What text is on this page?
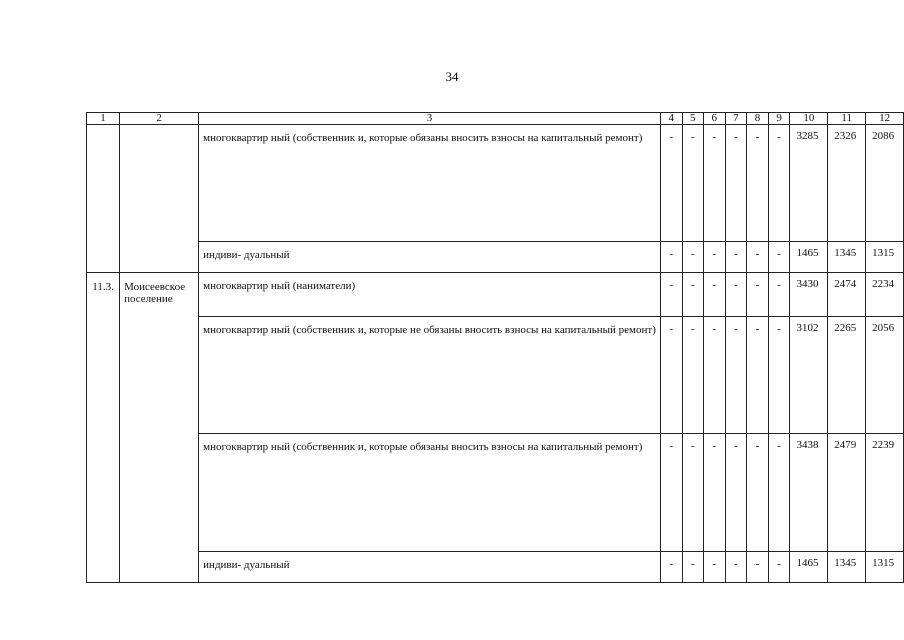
34
1	2	3	4	5	6	7	8	9	10	11	12
		многоквартир ный (собственник и, которые обязаны вносить взносы на капитальный ремонт)	-	-	-	-	-	-	3285	2326	2086
		индиви- дуальный	-	-	-	-	-	-	1465	1345	1315
11.3.	Моисеевское поселение	многоквартир ный (наниматели)	-	-	-	-	-	-	3430	2474	2234
		многоквартир ный (собственник и, которые не обязаны вносить взносы на капитальный ремонт)	-	-	-	-	-	-	3102	2265	2056
		многоквартир ный (собственник и, которые обязаны вносить взносы на капитальный ремонт)	-	-	-	-	-	-	3438	2479	2239
		индиви- дуальный	-	-	-	-	-	-	1465	1345	1315
